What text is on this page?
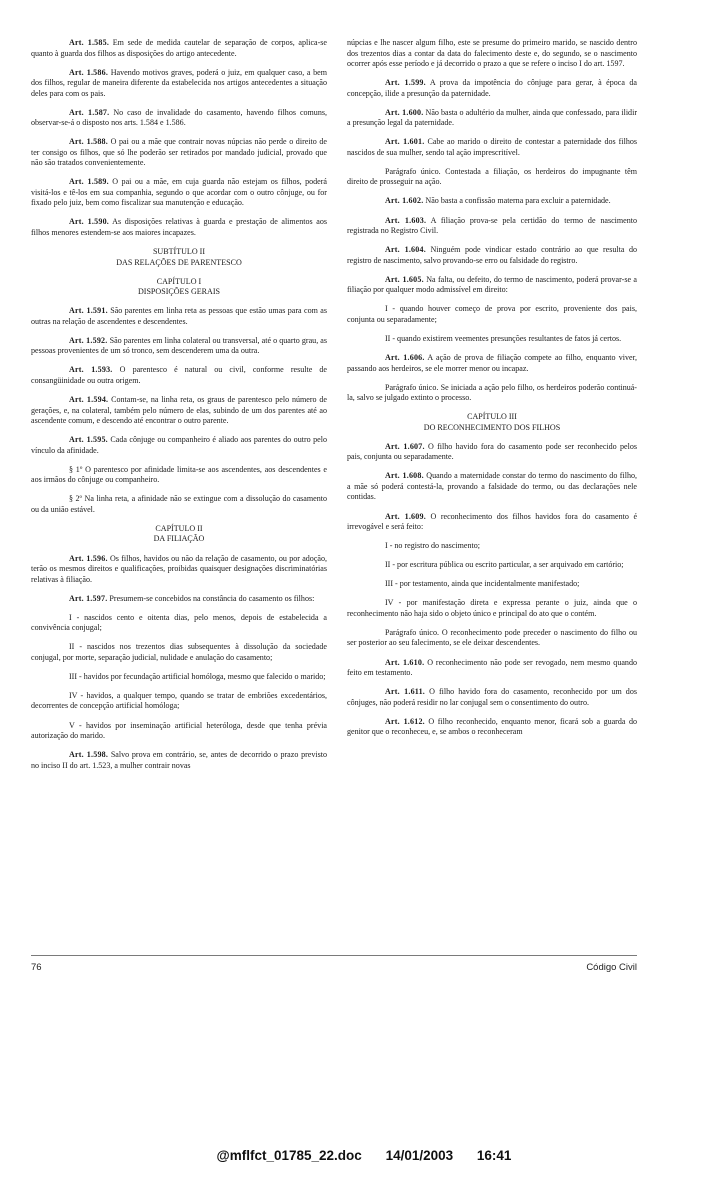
Art. 1.585. Em sede de medida cautelar de separação de corpos, aplica-se quanto à guarda dos filhos as disposições do artigo antecedente.

Art. 1.586. Havendo motivos graves, poderá o juiz, em qualquer caso, a bem dos filhos, regular de maneira diferente da estabelecida nos artigos antecedentes a situação deles para com os pais.

Art. 1.587. No caso de invalidade do casamento, havendo filhos comuns, observar-se-á o disposto nos arts. 1.584 e 1.586.

Art. 1.588. O pai ou a mãe que contrair novas núpcias não perde o direito de ter consigo os filhos, que só lhe poderão ser retirados por mandado judicial, provado que não são tratados convenientemente.

Art. 1.589. O pai ou a mãe, em cuja guarda não estejam os filhos, poderá visitá-los e tê-los em sua companhia, segundo o que acordar com o outro cônjuge, ou for fixado pelo juiz, bem como fiscalizar sua manutenção e educação.

Art. 1.590. As disposições relativas à guarda e prestação de alimentos aos filhos menores estendem-se aos maiores incapazes.

SUBTÍTULO II
DAS RELAÇÕES DE PARENTESCO
CAPÍTULO I
DISPOSIÇÕES GERAIS

Art. 1.591. São parentes em linha reta as pessoas que estão umas para com as outras na relação de ascendentes e descendentes.

Art. 1.592. São parentes em linha colateral ou transversal, até o quarto grau, as pessoas provenientes de um só tronco, sem descenderem uma da outra.

Art. 1.593. O parentesco é natural ou civil, conforme resulte de consangüinidade ou outra origem.

Art. 1.594. Contam-se, na linha reta, os graus de parentesco pelo número de gerações, e, na colateral, também pelo número de elas, subindo de um dos parentes até ao ascendente comum, e descendo até encontrar o outro parente.

Art. 1.595. Cada cônjuge ou companheiro é aliado aos parentes do outro pelo vínculo da afinidade.

§ 1º O parentesco por afinidade limita-se aos ascendentes, aos descendentes e aos irmãos do cônjuge ou companheiro.

§ 2º Na linha reta, a afinidade não se extingue com a dissolução do casamento ou da união estável.

CAPÍTULO II
DA FILIAÇÃO

Art. 1.596. Os filhos, havidos ou não da relação de casamento, ou por adoção, terão os mesmos direitos e qualificações, proibidas quaisquer designações discriminatórias relativas à filiação.

Art. 1.597. Presumem-se concebidos na constância do casamento os filhos:

I - nascidos cento e oitenta dias, pelo menos, depois de estabelecida a convivência conjugal;

II - nascidos nos trezentos dias subsequentes à dissolução da sociedade conjugal, por morte, separação judicial, nulidade e anulação do casamento;

III - havidos por fecundação artificial homóloga, mesmo que falecido o marido;

IV - havidos, a qualquer tempo, quando se tratar de embriões excedentários, decorrentes de concepção artificial homóloga;

V - havidos por inseminação artificial heteróloga, desde que tenha prévia autorização do marido.

Art. 1.598. Salvo prova em contrário, se, antes de decorrido o prazo previsto no inciso II do art. 1.523, a mulher contrair novas

núpcias e lhe nascer algum filho, este se presume do primeiro marido, se nascido dentro dos trezentos dias a contar da data do falecimento deste e, do segundo, se o nascimento ocorrer após esse período e já decorrido o prazo a que se refere o inciso I do art. 1597.

Art. 1.599. A prova da impotência do cônjuge para gerar, à época da concepção, ilide a presunção da paternidade.

Art. 1.600. Não basta o adultério da mulher, ainda que confessado, para ilidir a presunção legal da paternidade.

Art. 1.601. Cabe ao marido o direito de contestar a paternidade dos filhos nascidos de sua mulher, sendo tal ação imprescritível.

Parágrafo único. Contestada a filiação, os herdeiros do impugnante têm direito de prosseguir na ação.

Art. 1.602. Não basta a confissão materna para excluir a paternidade.

Art. 1.603. A filiação prova-se pela certidão do termo de nascimento registrada no Registro Civil.

Art. 1.604. Ninguém pode vindicar estado contrário ao que resulta do registro de nascimento, salvo provando-se erro ou falsidade do registro.

Art. 1.605. Na falta, ou defeito, do termo de nascimento, poderá provar-se a filiação por qualquer modo admissível em direito:

I - quando houver começo de prova por escrito, proveniente dos pais, conjunta ou separadamente;

II - quando existirem veementes presunções resultantes de fatos já certos.

Art. 1.606. A ação de prova de filiação compete ao filho, enquanto viver, passando aos herdeiros, se ele morrer menor ou incapaz.

Parágrafo único. Se iniciada a ação pelo filho, os herdeiros poderão continuá-la, salvo se julgado extinto o processo.

CAPÍTULO III
DO RECONHECIMENTO DOS FILHOS

Art. 1.607. O filho havido fora do casamento pode ser reconhecido pelos pais, conjunta ou separadamente.

Art. 1.608. Quando a maternidade constar do termo do nascimento do filho, a mãe só poderá contestá-la, provando a falsidade do termo, ou das declarações nele contidas.

Art. 1.609. O reconhecimento dos filhos havidos fora do casamento é irrevogável e será feito:

I - no registro do nascimento;

II - por escritura pública ou escrito particular, a ser arquivado em cartório;

III - por testamento, ainda que incidentalmente manifestado;

IV - por manifestação direta e expressa perante o juiz, ainda que o reconhecimento não haja sido o objeto único e principal do ato que o contém.

Parágrafo único. O reconhecimento pode preceder o nascimento do filho ou ser posterior ao seu falecimento, se ele deixar descendentes.

Art. 1.610. O reconhecimento não pode ser revogado, nem mesmo quando feito em testamento.

Art. 1.611. O filho havido fora do casamento, reconhecido por um dos cônjuges, não poderá residir no lar conjugal sem o consentimento do outro.

Art. 1.612. O filho reconhecido, enquanto menor, ficará sob a guarda do genitor que o reconheceu, e, se ambos o reconheceram

76	Código Civil
@mflfct_01785_22.doc 14/01/2003 16:41
